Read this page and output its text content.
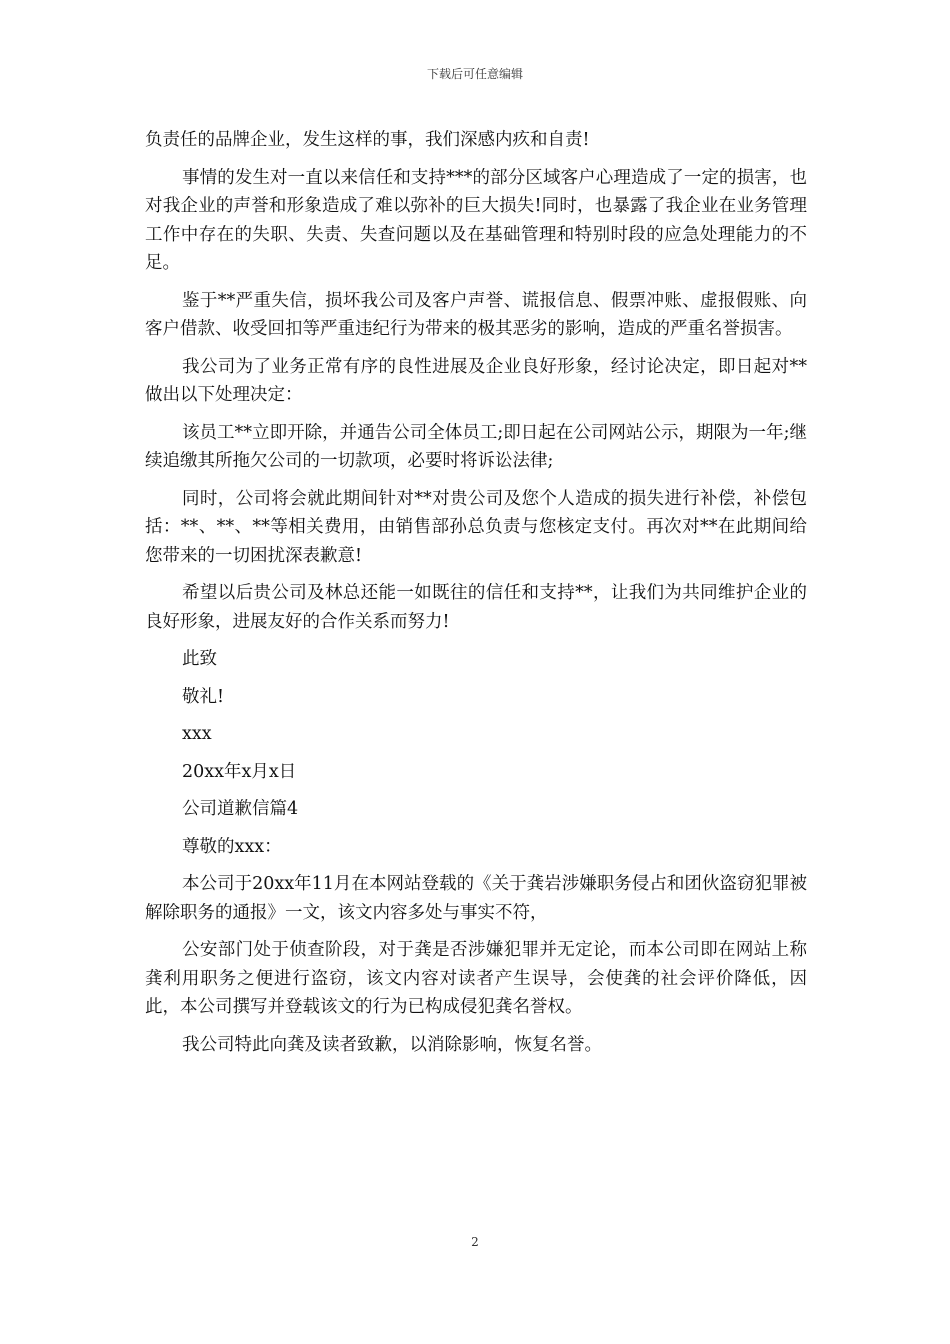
下载后可任意编辑

负责任的品牌企业，发生这样的事，我们深感内疚和自责!

事情的发生对一直以来信任和支持***的部分区域客户心理造成了一定的损害，也对我企业的声誉和形象造成了难以弥补的巨大损失!同时，也暴露了我企业在业务管理工作中存在的失职、失责、失查问题以及在基础管理和特别时段的应急处理能力的不足。

鉴于**严重失信，损坏我公司及客户声誉、谎报信息、假票冲账、虚报假账、向客户借款、收受回扣等严重违纪行为带来的极其恶劣的影响，造成的严重名誉损害。

我公司为了业务正常有序的良性进展及企业良好形象，经讨论决定，即日起对**做出以下处理决定：

该员工**立即开除，并通告公司全体员工;即日起在公司网站公示，期限为一年;继续追缴其所拖欠公司的一切款项，必要时将诉讼法律;

同时，公司将会就此期间针对**对贵公司及您个人造成的损失进行补偿，补偿包括：**、**、**等相关费用，由销售部孙总负责与您核定支付。再次对**在此期间给您带来的一切困扰深表歉意!

希望以后贵公司及林总还能一如既往的信任和支持**，让我们为共同维护企业的良好形象，进展友好的合作关系而努力!

此致

敬礼!

xxx

20xx年x月x日

公司道歉信篇4

尊敬的xxx：

本公司于20xx年11月在本网站登载的《关于龚岩涉嫌职务侵占和团伙盗窃犯罪被解除职务的通报》一文，该文内容多处与事实不符，

公安部门处于侦查阶段，对于龚是否涉嫌犯罪并无定论，而本公司即在网站上称龚利用职务之便进行盗窃，该文内容对读者产生误导，会使龚的社会评价降低，因此，本公司撰写并登载该文的行为已构成侵犯龚名誉权。

我公司特此向龚及读者致歉，以消除影响，恢复名誉。

2
